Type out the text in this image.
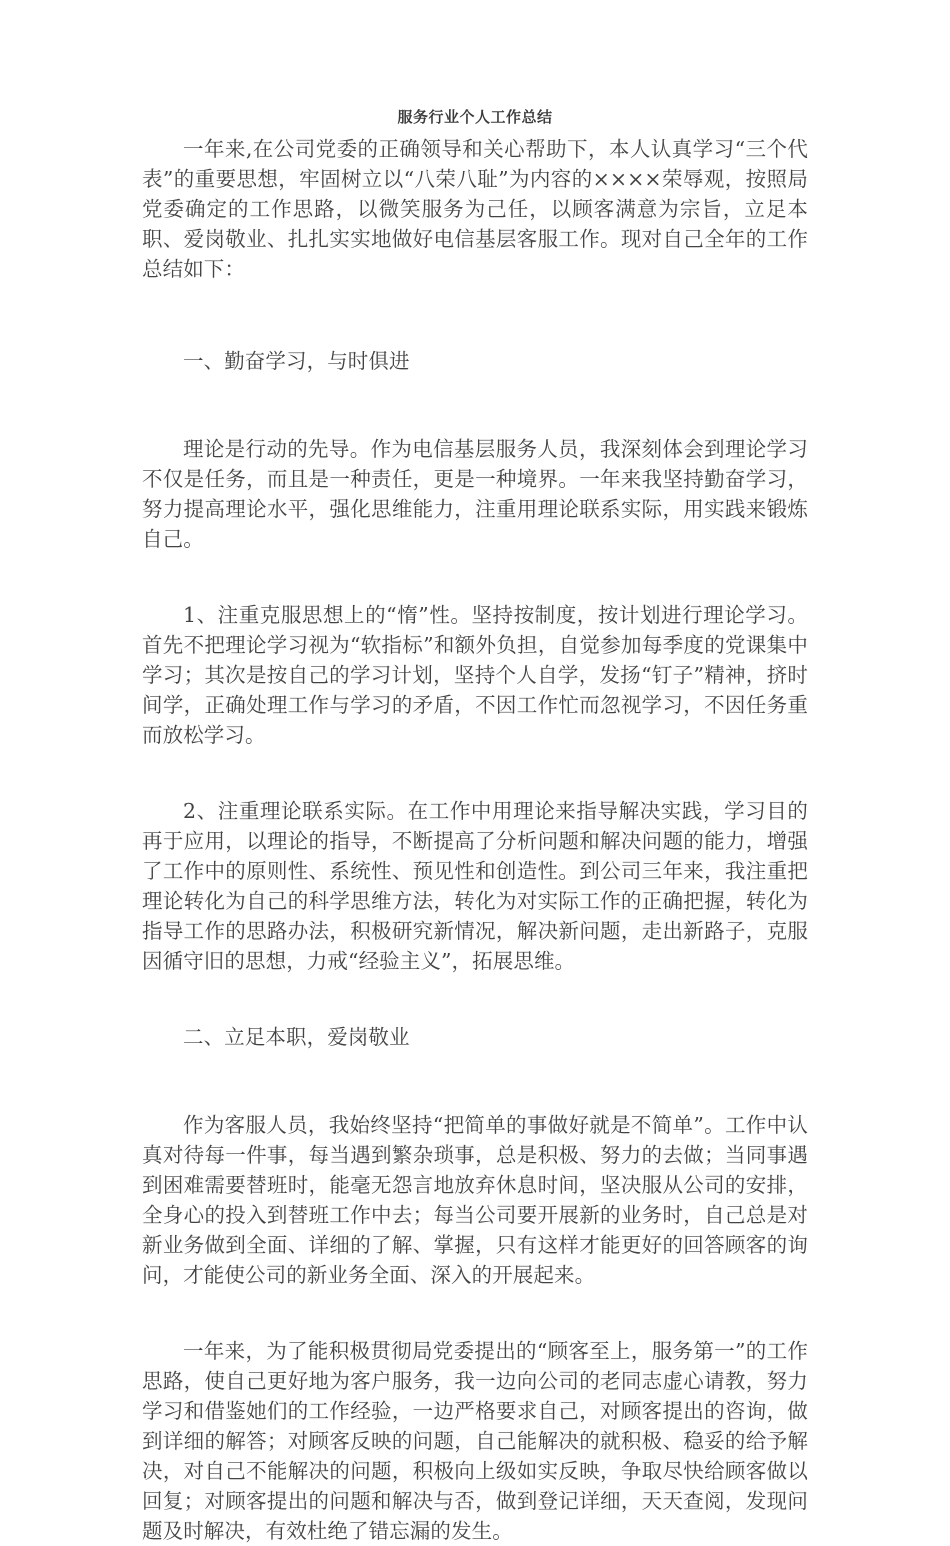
服务行业个人工作总结

一年来,在公司党委的正确领导和关心帮助下，本人认真学习“三个代表”的重要思想，牢固树立以“八荣八耻”为内容的××××荣辱观，按照局党委确定的工作思路，以微笑服务为己任，以顾客满意为宗旨，立足本职、爱岗敬业、扎扎实实地做好电信基层客服工作。现对自己全年的工作总结如下：

一、勤奋学习，与时俱进

理论是行动的先导。作为电信基层服务人员，我深刻体会到理论学习不仅是任务，而且是一种责任，更是一种境界。一年来我坚持勤奋学习，努力提高理论水平，强化思维能力，注重用理论联系实际，用实践来锻炼自己。

1、注重克服思想上的“惰”性。坚持按制度，按计划进行理论学习。首先不把理论学习视为“软指标”和额外负担，自觉参加每季度的党课集中学习；其次是按自己的学习计划，坚持个人自学，发扬“钉子”精神，挤时间学，正确处理工作与学习的矛盾，不因工作忙而忽视学习，不因任务重而放松学习。

2、注重理论联系实际。在工作中用理论来指导解决实践，学习目的再于应用，以理论的指导，不断提高了分析问题和解决问题的能力，增强了工作中的原则性、系统性、预见性和创造性。到公司三年来，我注重把理论转化为自己的科学思维方法，转化为对实际工作的正确把握，转化为指导工作的思路办法，积极研究新情况，解决新问题，走出新路子，克服因循守旧的思想，力戒“经验主义”，拓展思维。

二、立足本职，爱岗敬业

作为客服人员，我始终坚持“把简单的事做好就是不简单”。工作中认真对待每一件事，每当遇到繁杂琐事，总是积极、努力的去做；当同事遇到困难需要替班时，能毫无怨言地放弃休息时间，坚决服从公司的安排，全身心的投入到替班工作中去；每当公司要开展新的业务时，自己总是对新业务做到全面、详细的了解、掌握，只有这样才能更好的回答顾客的询问，才能使公司的新业务全面、深入的开展起来。

一年来，为了能积极贯彻局党委提出的“顾客至上，服务第一”的工作思路，使自己更好地为客户服务，我一边向公司的老同志虚心请教，努力学习和借鉴她们的工作经验，一边严格要求自己，对顾客提出的咨询，做到详细的解答；对顾客反映的问题，自己能解决的就积极、稳妥的给予解决，对自己不能解决的问题，积极向上级如实反映，争取尽快给顾客做以回复；对顾客提出的问题和解决与否，做到登记详细，天天查阅，发现问题及时解决，有效杜绝了错忘漏的发生。
